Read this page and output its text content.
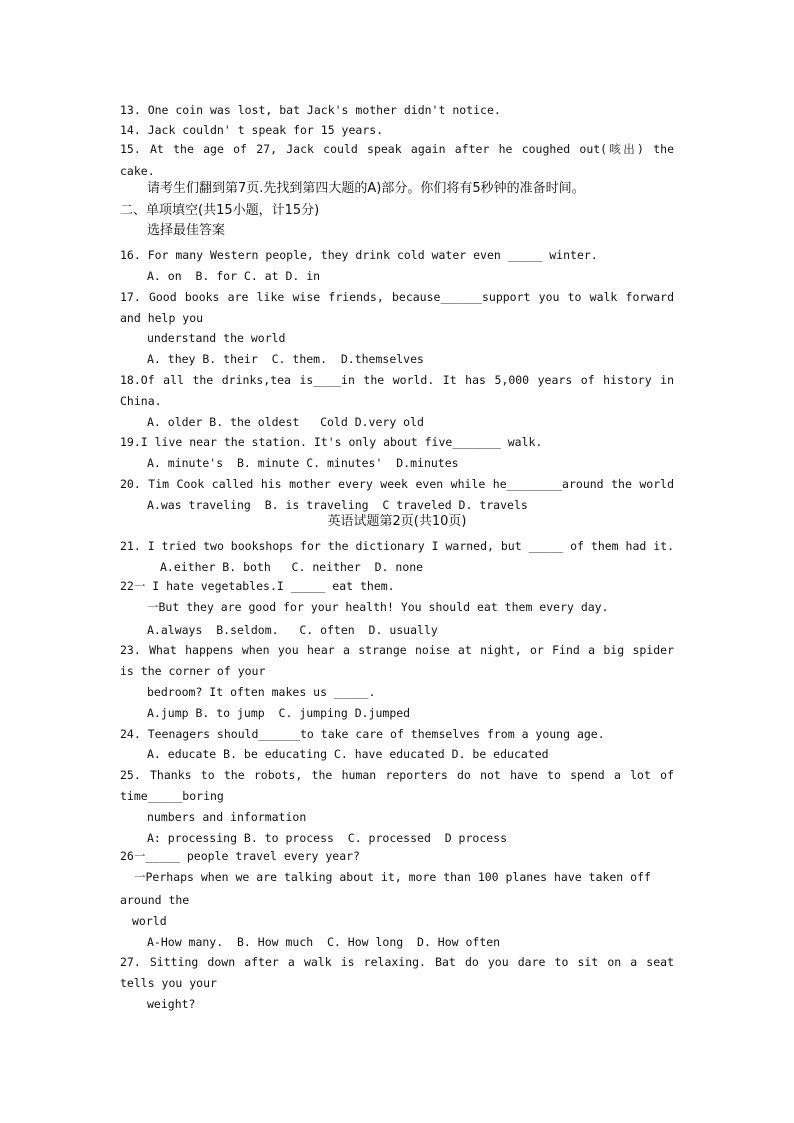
13. One coin was lost, bat Jack's mother didn't notice.
14. Jack couldn' t speak for 15 years.
15. At the age of 27, Jack could speak again after he coughed out(咳出) the
cake.
请考生们翻到第7页.先找到第四大题的A)部分。你们将有5秒钟的准备时间。
二、单项填空(共15小题，计15分)
选择最佳答案
16. For many Western people, they drink cold water even _____ winter.
A. on  B. for C. at D. in
17. Good books are like wise friends, because______support you to walk forward
and help you
understand the world
A. they B. their  C. them.  D.themselves
18.Of all the drinks,tea is____in the world. It has 5,000 years of history in
China.
A. older B. the oldest   Cold D.very old
19.I live near the station. It's only about five_______ walk.
A. minute's  B. minute C. minutes'  D.minutes
20. Tim Cook called his mother every week even while he________around the world
A.was traveling  B. is traveling  C traveled D. travels
英语试题第2页(共10页)
21. I tried two bookshops for the dictionary I warned, but _____ of them had it.
A.either B. both   C. neither  D. none
22一 I hate vegetables.I _____ eat them.
一But they are good for your health! You should eat them every day.
A.always  B.seldom.   C. often  D. usually
23. What happens when you hear a strange noise at night, or Find a big spider
is the corner of your
bedroom? It often makes us _____.
A.jump B. to jump  C. jumping D.jumped
24. Teenagers should______to take care of themselves from a young age.
A. educate B. be educating C. have educated D. be educated
25. Thanks to the robots, the human reporters do not have to spend a lot of
time_____boring
numbers and information
A: processing B. to process  C. processed  D process
26一_____ people travel every year?
一Perhaps when we are talking about it, more than 100 planes have taken off
around the
world
A-How many.  B. How much  C. How long  D. How often
27. Sitting down after a walk is relaxing. Bat do you dare to sit on a seat
tells you your
weight?
